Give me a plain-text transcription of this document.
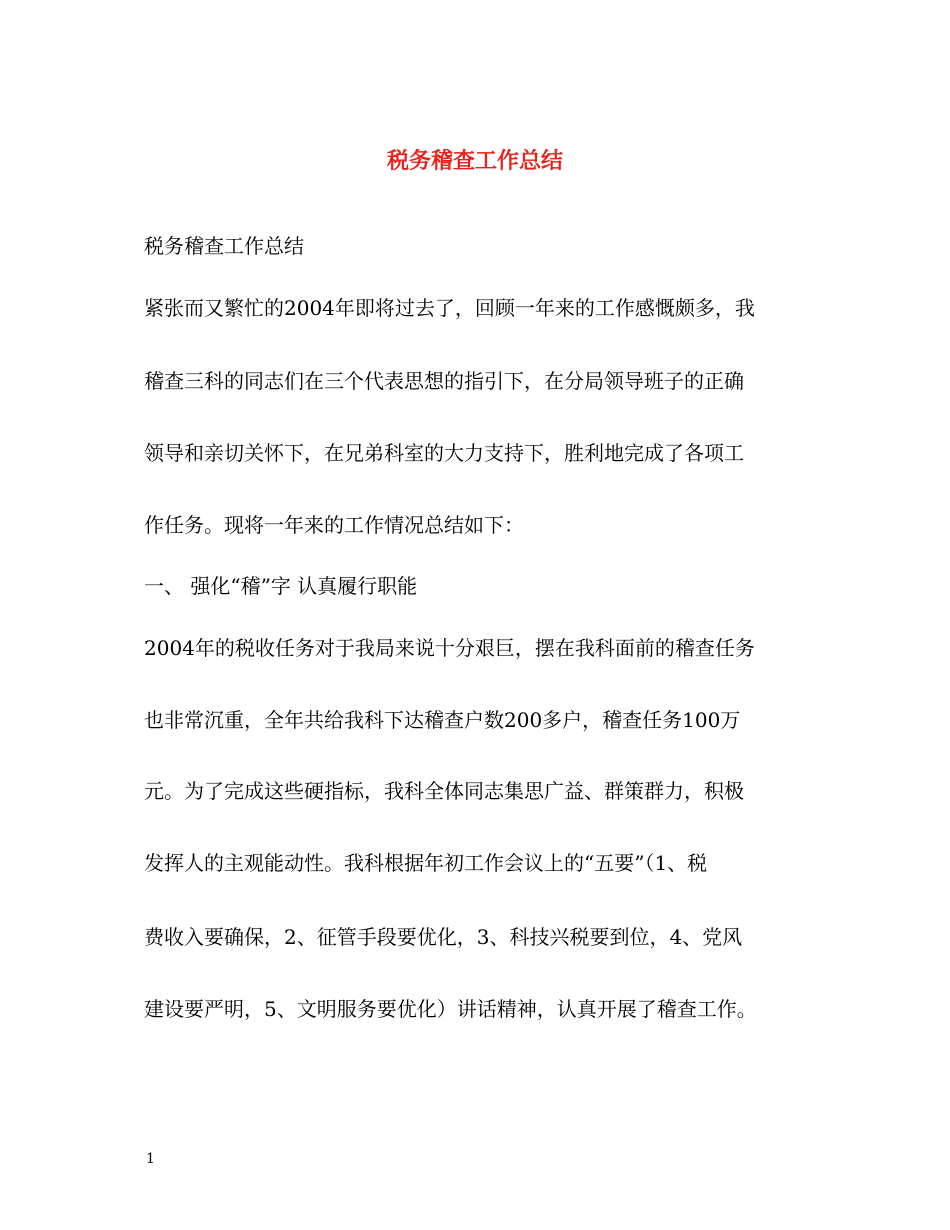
税务稽查工作总结

税务稽查工作总结

紧张而又繁忙的2004年即将过去了，回顾一年来的工作感慨颇多，我

稽查三科的同志们在三个代表思想的指引下，在分局领导班子的正确

领导和亲切关怀下，在兄弟科室的大力支持下，胜利地完成了各项工

作任务。现将一年来的工作情况总结如下：

一、 强化“稽”字 认真履行职能

2004年的税收任务对于我局来说十分艰巨，摆在我科面前的稽查任务

也非常沉重，全年共给我科下达稽查户数200多户，稽查任务100万

元。为了完成这些硬指标，我科全体同志集思广益、群策群力，积极

发挥人的主观能动性。我科根据年初工作会议上的“五要”（1、税

费收入要确保，2、征管手段要优化，3、科技兴税要到位，4、党风

建设要严明，5、文明服务要优化）讲话精神，认真开展了稽查工作。

1
